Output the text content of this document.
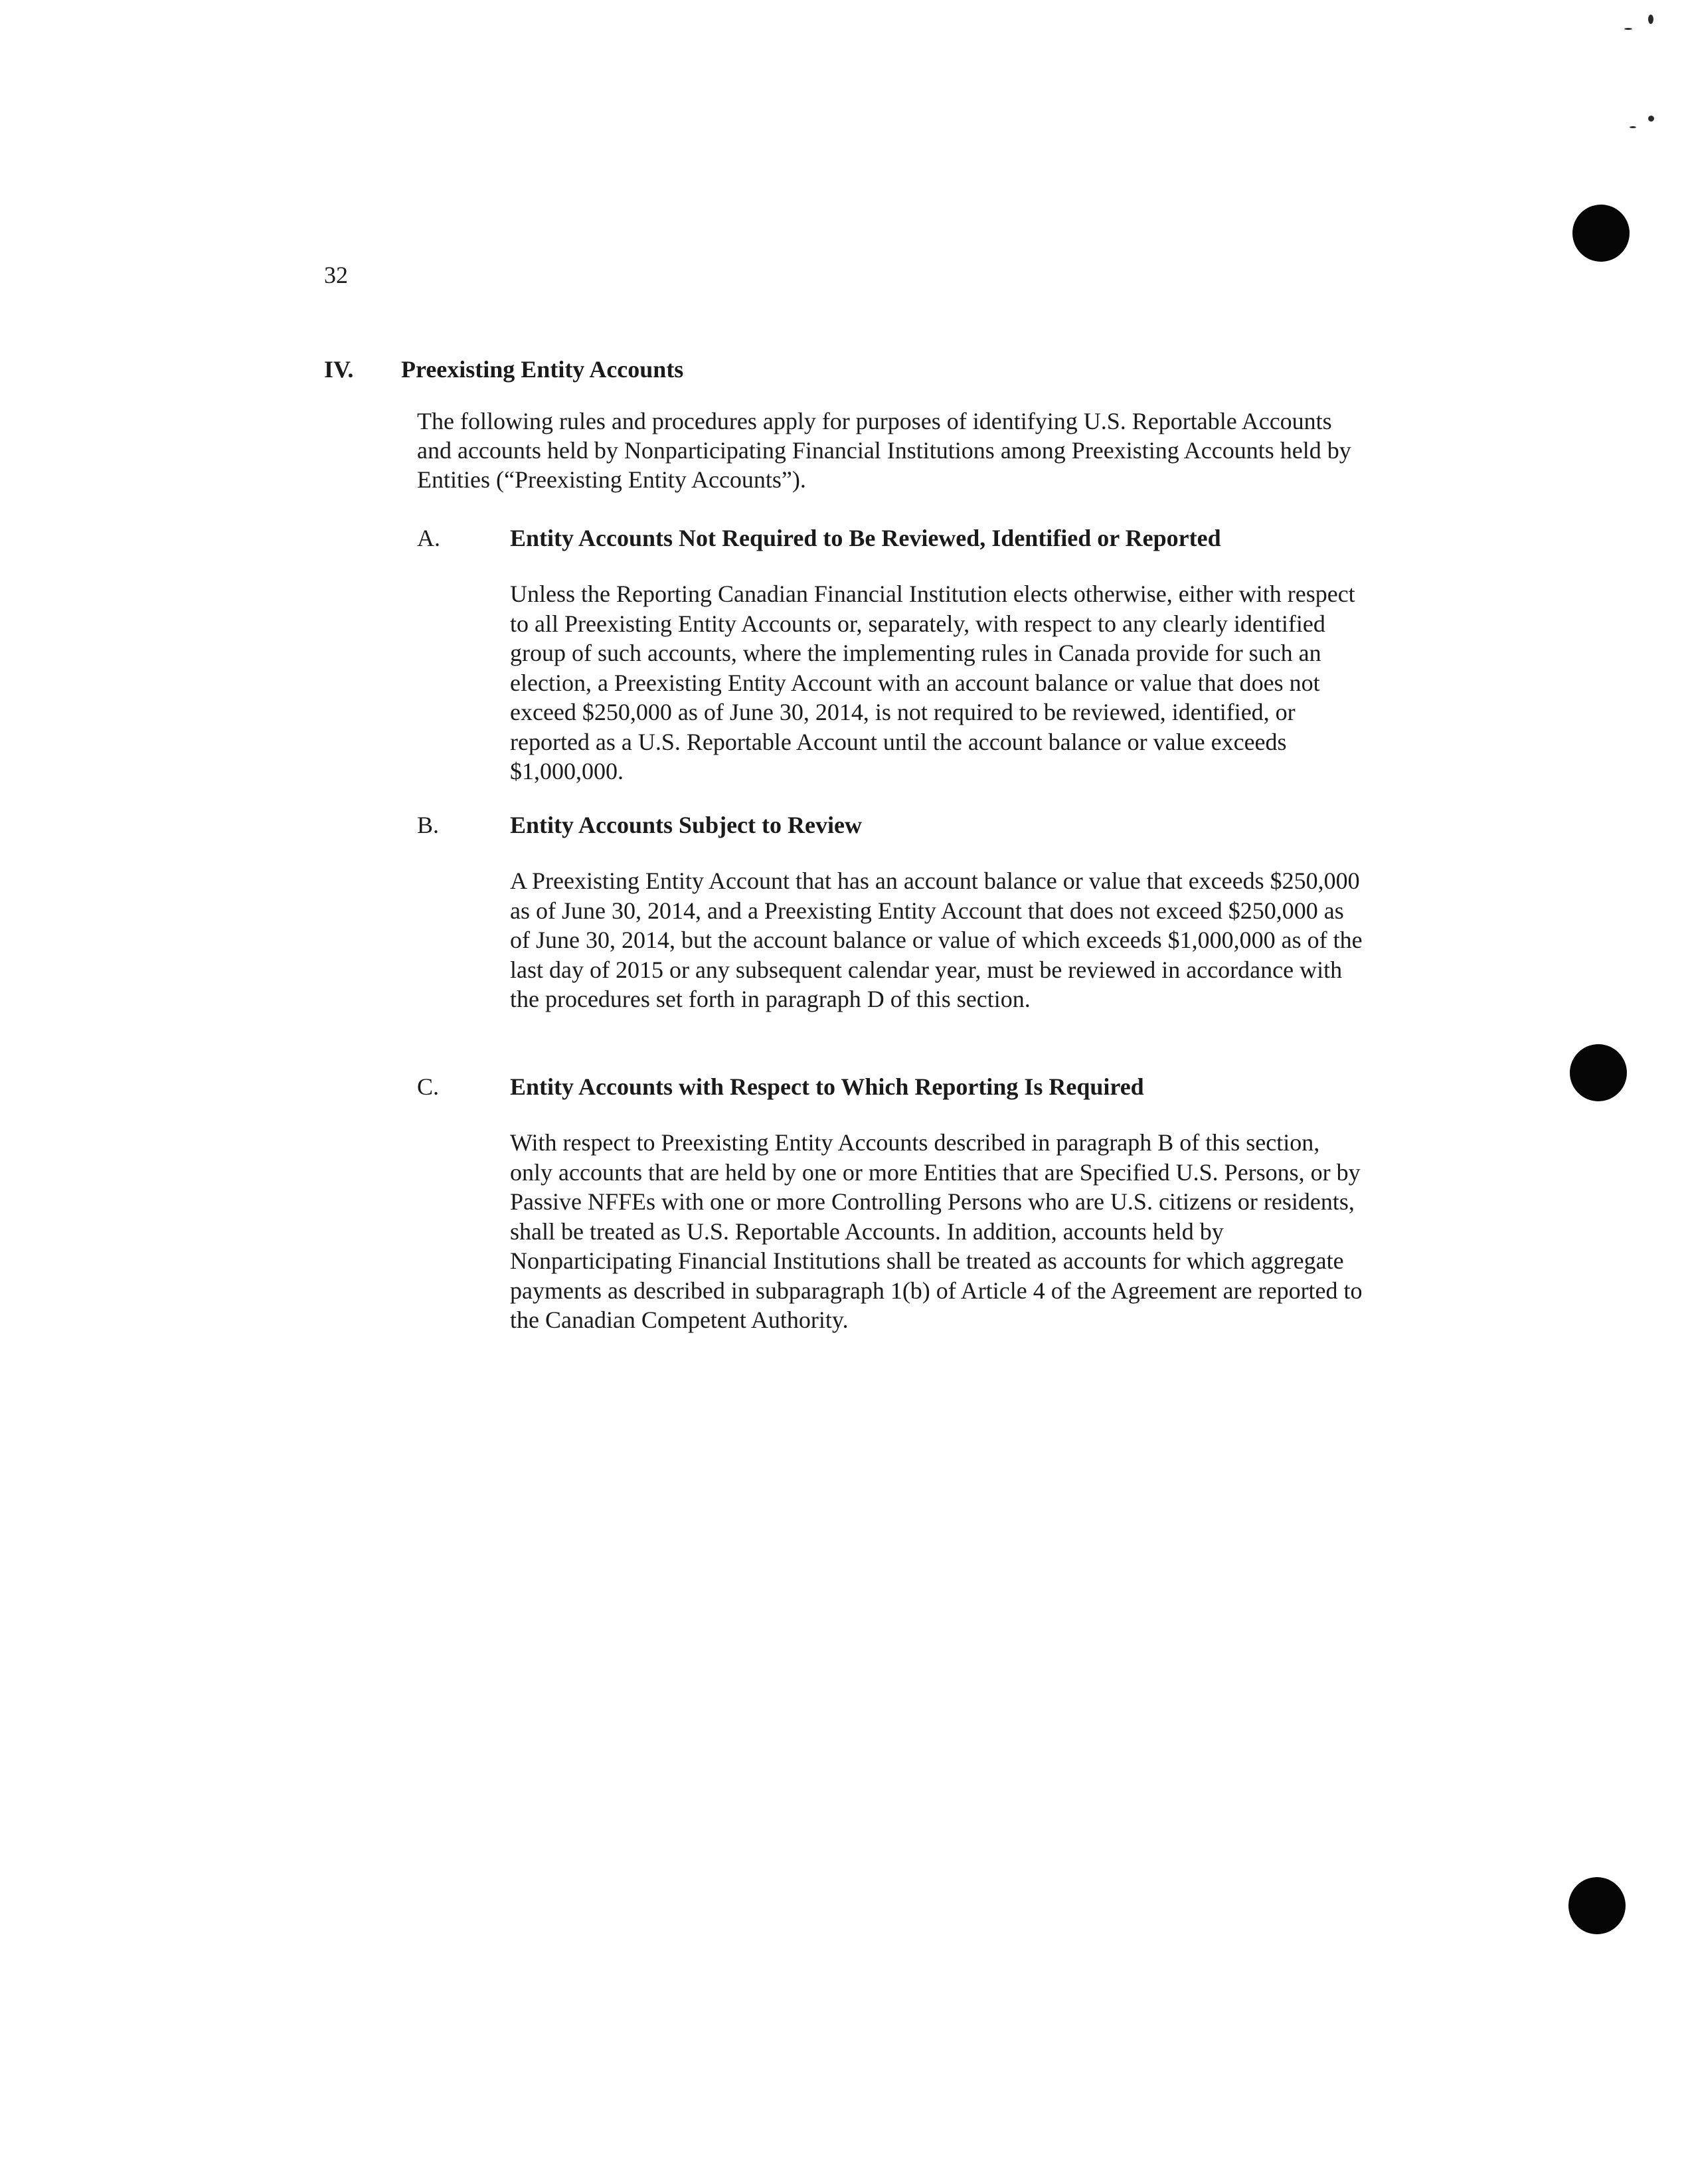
32
IV. Preexisting Entity Accounts

The following rules and procedures apply for purposes of identifying U.S. Reportable Accounts and accounts held by Nonparticipating Financial Institutions among Preexisting Accounts held by Entities (“Preexisting Entity Accounts”).

A.	Entity Accounts Not Required to Be Reviewed, Identified or Reported

Unless the Reporting Canadian Financial Institution elects otherwise, either with respect to all Preexisting Entity Accounts or, separately, with respect to any clearly identified group of such accounts, where the implementing rules in Canada provide for such an election, a Preexisting Entity Account with an account balance or value that does not exceed $250,000 as of June 30, 2014, is not required to be reviewed, identified, or reported as a U.S. Reportable Account until the account balance or value exceeds $1,000,000.

B.	Entity Accounts Subject to Review

A Preexisting Entity Account that has an account balance or value that exceeds $250,000 as of June 30, 2014, and a Preexisting Entity Account that does not exceed $250,000 as of June 30, 2014, but the account balance or value of which exceeds $1,000,000 as of the last day of 2015 or any subsequent calendar year, must be reviewed in accordance with the procedures set forth in paragraph D of this section.

C.	Entity Accounts with Respect to Which Reporting Is Required

With respect to Preexisting Entity Accounts described in paragraph B of this section, only accounts that are held by one or more Entities that are Specified U.S. Persons, or by Passive NFFEs with one or more Controlling Persons who are U.S. citizens or residents, shall be treated as U.S. Reportable Accounts. In addition, accounts held by Nonparticipating Financial Institutions shall be treated as accounts for which aggregate payments as described in subparagraph 1(b) of Article 4 of the Agreement are reported to the Canadian Competent Authority.
